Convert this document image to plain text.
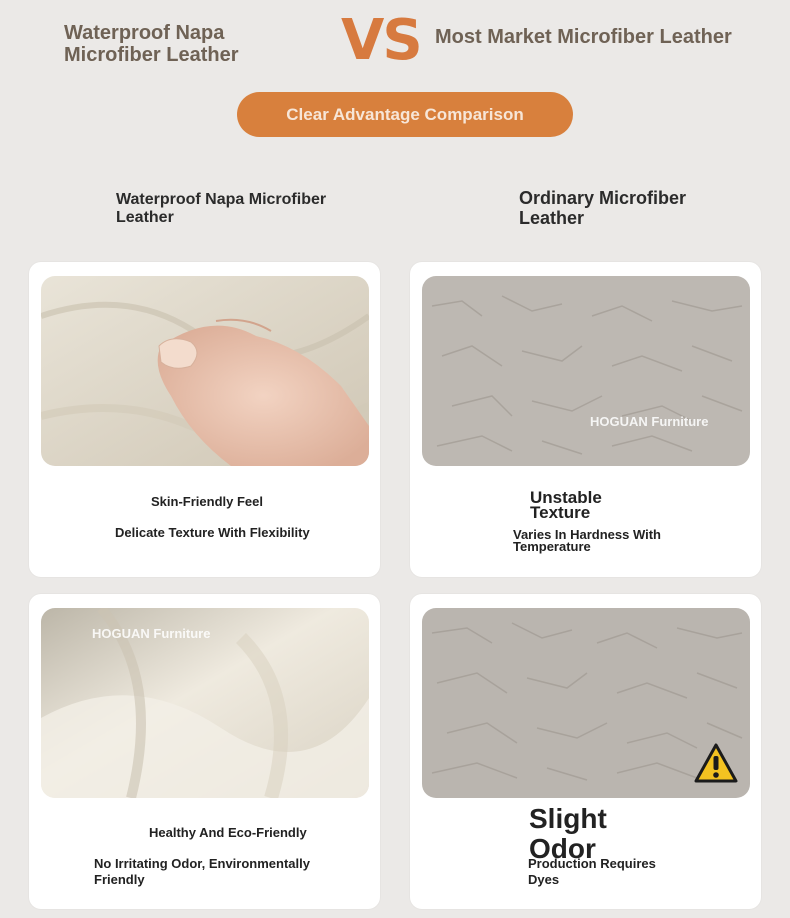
Waterproof Napa Microfiber Leather	VS Most Market Microfiber Leather
Clear Advantage Comparison
Waterproof Napa Microfiber Leather
Ordinary Microfiber Leather
Skin-Friendly Feel
Delicate Texture With Flexibility
HOGUAN Furniture
Unstable Texture
Varies In Hardness With Temperature
HOGUAN Furniture
Healthy And Eco-Friendly
No Irritating Odor, Environmentally Friendly
Slight Odor
Production Requires Dyes
